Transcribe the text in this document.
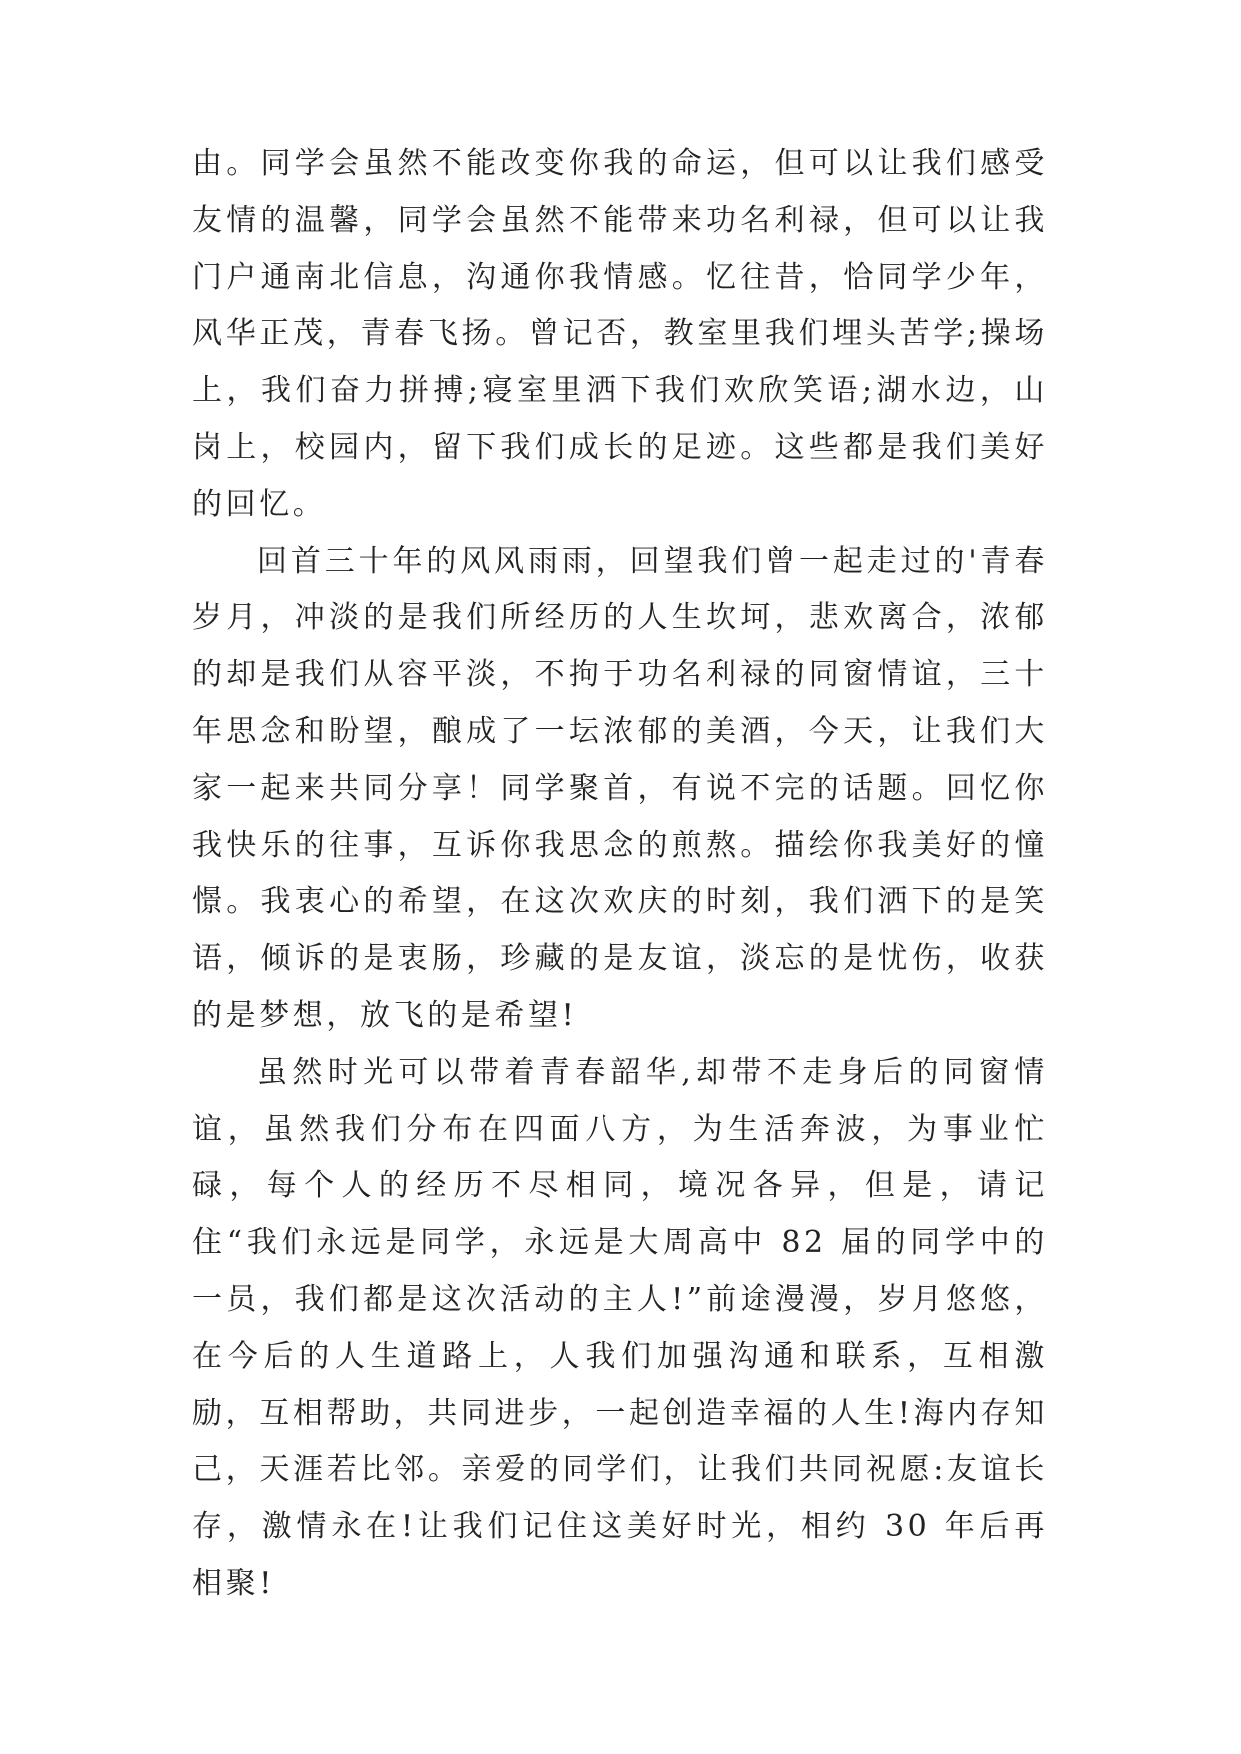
由。同学会虽然不能改变你我的命运，但可以让我们感受友情的温馨，同学会虽然不能带来功名利禄，但可以让我门户通南北信息，沟通你我情感。忆往昔，恰同学少年，风华正茂，青春飞扬。曾记否，教室里我们埋头苦学;操场上，我们奋力拼搏;寝室里洒下我们欢欣笑语;湖水边，山岗上，校园内，留下我们成长的足迹。这些都是我们美好的回忆。

回首三十年的风风雨雨，回望我们曾一起走过的'青春岁月，冲淡的是我们所经历的人生坎坷，悲欢离合，浓郁的却是我们从容平淡，不拘于功名利禄的同窗情谊，三十年思念和盼望，酿成了一坛浓郁的美酒，今天，让我们大家一起来共同分享！同学聚首，有说不完的话题。回忆你我快乐的往事，互诉你我思念的煎熬。描绘你我美好的憧憬。我衷心的希望，在这次欢庆的时刻，我们洒下的是笑语，倾诉的是衷肠，珍藏的是友谊，淡忘的是忧伤，收获的是梦想，放飞的是希望!

虽然时光可以带着青春韶华,却带不走身后的同窗情谊，虽然我们分布在四面八方，为生活奔波，为事业忙碌，每个人的经历不尽相同，境况各异，但是，请记住“我们永远是同学，永远是大周高中 82 届的同学中的一员，我们都是这次活动的主人!”前途漫漫，岁月悠悠，在今后的人生道路上，人我们加强沟通和联系，互相激励，互相帮助，共同进步，一起创造幸福的人生!海内存知己，天涯若比邻。亲爱的同学们，让我们共同祝愿:友谊长存，激情永在!让我们记住这美好时光，相约 30 年后再相聚!
